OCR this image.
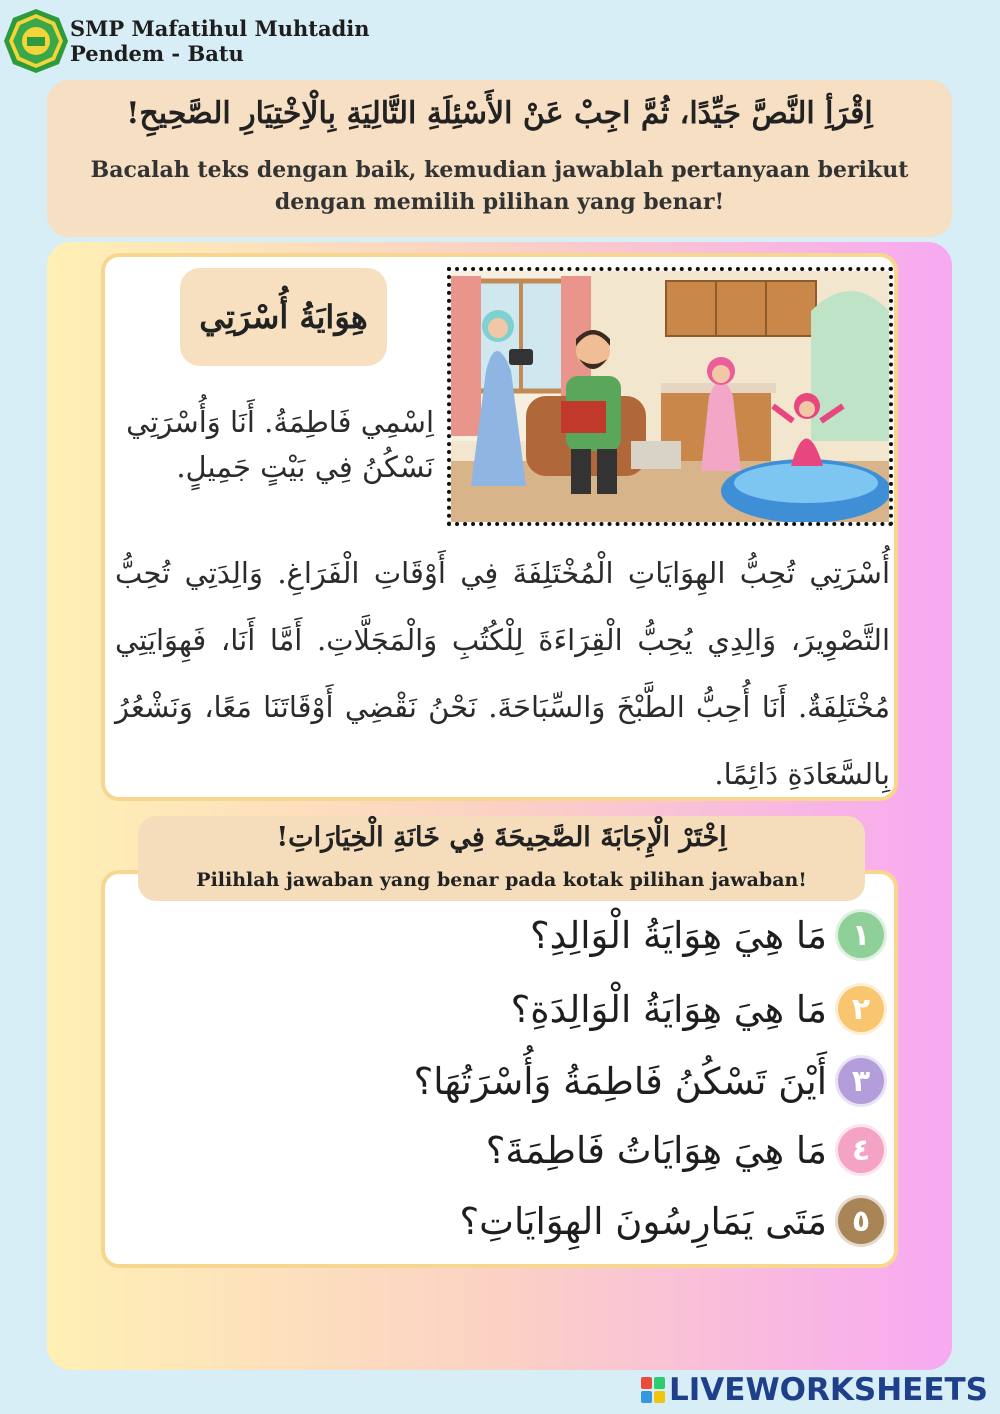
SMP Mafatihul Muhtadin
Pendem - Batu
اِقْرَأِ النَّصَّ جَيِّدًا، ثُمَّ اجِبْ عَنْ الأَسْئِلَةِ التَّالِيَةِ بِالْاِخْتِيَارِ الصَّحِيحِ!
Bacalah teks dengan baik, kemudian jawablah pertanyaan berikut dengan memilih pilihan yang benar!
هِوَايَةُ أُسْرَتِي
اِسْمِي فَاطِمَةُ. أَنَا وَأُسْرَتِي نَسْكُنُ فِي بَيْتٍ جَمِيلٍ.
أُسْرَتِي تُحِبُّ الهِوَايَاتِ الْمُخْتَلِفَةَ فِي أَوْقَاتِ الْفَرَاغِ. وَالِدَتِي تُحِبُّ التَّصْوِيرَ، وَالِدِي يُحِبُّ الْقِرَاءَةَ لِلْكُتُبِ وَالْمَجَلَّاتِ. أَمَّا أَنَا، فَهِوَايَتِي مُخْتَلِفَةٌ. أَنَا أُحِبُّ الطَّبْخَ وَالسِّبَاحَةَ. نَحْنُ نَقْضِي أَوْقَاتَنَا مَعًا، وَنَشْعُرُ بِالسَّعَادَةِ دَائِمًا.
اِخْتَرْ الْإِجَابَةَ الصَّحِيحَةَ فِي خَانَةِ الْخِيَارَاتِ!
Pilihlah jawaban yang benar pada kotak pilihan jawaban!
١
مَا هِيَ هِوَايَةُ الْوَالِدِ؟
٢
مَا هِيَ هِوَايَةُ الْوَالِدَةِ؟
٣
أَيْنَ تَسْكُنُ فَاطِمَةُ وَأُسْرَتُهَا؟
٤
مَا هِيَ هِوَايَاتُ فَاطِمَةَ؟
٥
مَتَى يَمَارِسُونَ الهِوَايَاتِ؟
LIVEWORKSHEETS
